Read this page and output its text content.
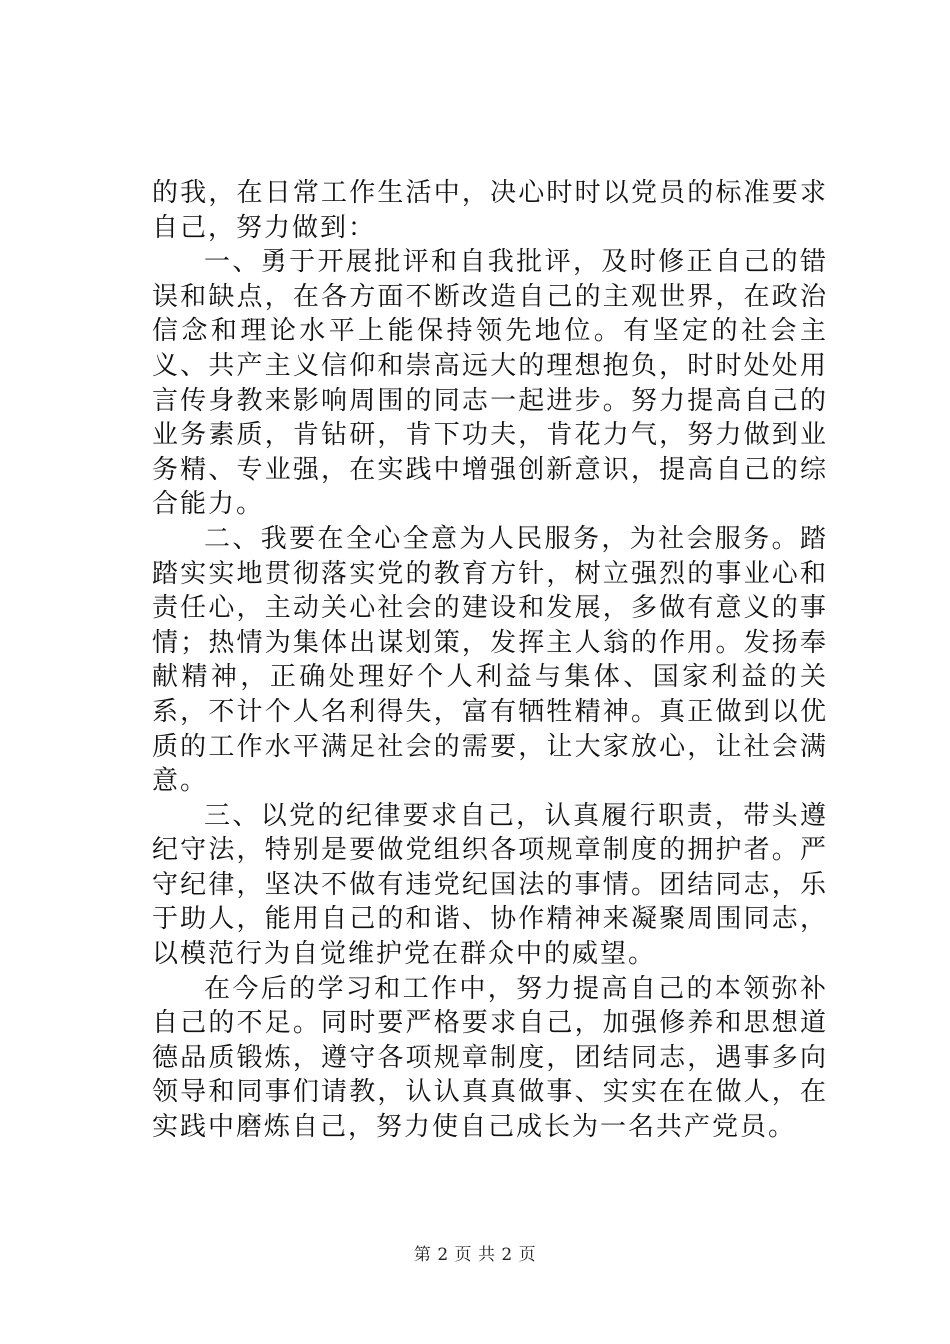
的我，在日常工作生活中，决心时时以党员的标准要求自己，努力做到：

一、勇于开展批评和自我批评，及时修正自己的错误和缺点，在各方面不断改造自己的主观世界，在政治信念和理论水平上能保持领先地位。有坚定的社会主义、共产主义信仰和崇高远大的理想抱负，时时处处用言传身教来影响周围的同志一起进步。努力提高自己的业务素质，肯钻研，肯下功夫，肯花力气，努力做到业务精、专业强，在实践中增强创新意识，提高自己的综合能力。

二、我要在全心全意为人民服务，为社会服务。踏踏实实地贯彻落实党的教育方针，树立强烈的事业心和责任心，主动关心社会的建设和发展，多做有意义的事情；热情为集体出谋划策，发挥主人翁的作用。发扬奉献精神，正确处理好个人利益与集体、国家利益的关系，不计个人名利得失，富有牺牲精神。真正做到以优质的工作水平满足社会的需要，让大家放心，让社会满意。

三、以党的纪律要求自己，认真履行职责，带头遵纪守法，特别是要做党组织各项规章制度的拥护者。严守纪律，坚决不做有违党纪国法的事情。团结同志，乐于助人，能用自己的和谐、协作精神来凝聚周围同志，以模范行为自觉维护党在群众中的威望。

在今后的学习和工作中，努力提高自己的本领弥补自己的不足。同时要严格要求自己，加强修养和思想道德品质锻炼，遵守各项规章制度，团结同志，遇事多向领导和同事们请教，认认真真做事、实实在在做人，在实践中磨炼自己，努力使自己成长为一名共产党员。

第 2 页 共 2 页
